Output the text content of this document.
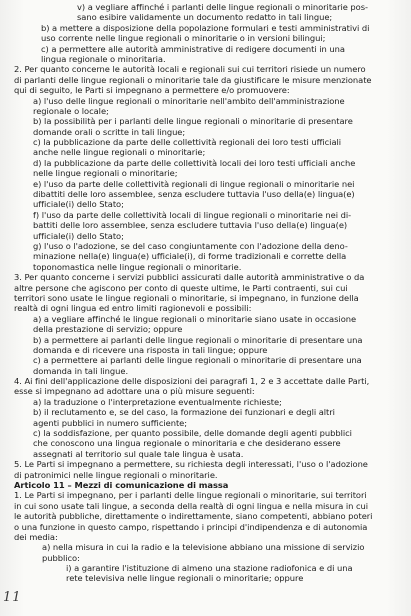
v) a vegliare affinché i parlanti delle lingue regionali o minoritarie pos-
sano esibire validamente un documento redatto in tali lingue;
b) a mettere a disposizione della popolazione formulari e testi amministrativi di
uso corrente nelle lingue regionali o minoritarie o in versioni bilingui;
c) a permettere alle autorità amministrative di redigere documenti in una
lingua regionale o minoritaria.
2. Per quanto concerne le autorità locali e regionali sui cui territori risiede un numero
di parlanti delle lingue regionali o minoritarie tale da giustificare le misure menzionate
qui di seguito, le Parti si impegnano a permettere e/o promuovere:
a) l'uso delle lingue regionali o minoritarie nell'ambito dell'amministrazione
regionale o locale;
b) la possibilità per i parlanti delle lingue regionali o minoritarie di presentare
domande orali o scritte in tali lingue;
c) la pubblicazione da parte delle collettività regionali dei loro testi ufficiali
anche nelle lingue regionali o minoritarie;
d) la pubblicazione da parte delle collettività locali dei loro testi ufficiali anche
nelle lingue regionali o minoritarie;
e) l'uso da parte delle collettività regionali di lingue regionali o minoritarie nei
dibattiti delle loro assemblee, senza escludere tuttavia l'uso della(e) lingua(e)
ufficiale(i) dello Stato;
f) l'uso da parte delle collettività locali di lingue regionali o minoritarie nei di-
battiti delle loro assemblee, senza escludere tuttavia l'uso della(e) lingua(e)
ufficiale(i) dello Stato;
g) l'uso o l'adozione, se del caso congiuntamente con l'adozione della deno-
minazione nella(e) lingua(e) ufficiale(i), di forme tradizionali e corrette della
toponomastica nelle lingue regionali o minoritarie.
3. Per quanto concerne i servizi pubblici assicurati dalle autorità amministrative o da
altre persone che agiscono per conto di queste ultime, le Parti contraenti, sui cui
territori sono usate le lingue regionali o minoritarie, si impegnano, in funzione della
realtà di ogni lingua ed entro limiti ragionevoli e possibili:
a) a vegliare affinché le lingue regionali o minoritarie siano usate in occasione
della prestazione di servizio; oppure
b) a permettere ai parlanti delle lingue regionali o minoritarie di presentare una
domanda e di ricevere una risposta in tali lingue; oppure
c) a permettere ai parlanti delle lingue regionali o minoritarie di presentare una
domanda in tali lingue.
4. Ai fini dell'applicazione delle disposizioni dei paragrafi 1, 2 e 3 accettate dalle Parti,
esse si impegnano ad adottare una o più misure seguenti:
a) la traduzione o l'interpretazione eventualmente richieste;
b) il reclutamento e, se del caso, la formazione dei funzionari e degli altri
agenti pubblici in numero sufficiente;
c) la soddisfazione, per quanto possibile, delle domande degli agenti pubblici
che conoscono una lingua regionale o minoritaria e che desiderano essere
assegnati al territorio sul quale tale lingua è usata.
5. Le Parti si impegnano a permettere, su richiesta degli interessati, l'uso o l'adozione
di patronimici nelle lingue regionali o minoritarie.
Articolo 11 – Mezzi di comunicazione di massa
1. Le Parti si impegnano, per i parlanti delle lingue regionali o minoritarie, sui territori
in cui sono usate tali lingue, a seconda della realtà di ogni lingua e nella misura in cui
le autorità pubbliche, direttamente o indirettamente, siano competenti, abbiano poteri
o una funzione in questo campo, rispettando i principi d'indipendenza e di autonomia
dei media:
a) nella misura in cui la radio e la televisione abbiano una missione di servizio
pubblico:
i) a garantire l'istituzione di almeno una stazione radiofonica e di una
rete televisiva nelle lingue regionali o minoritarie; oppure
11
